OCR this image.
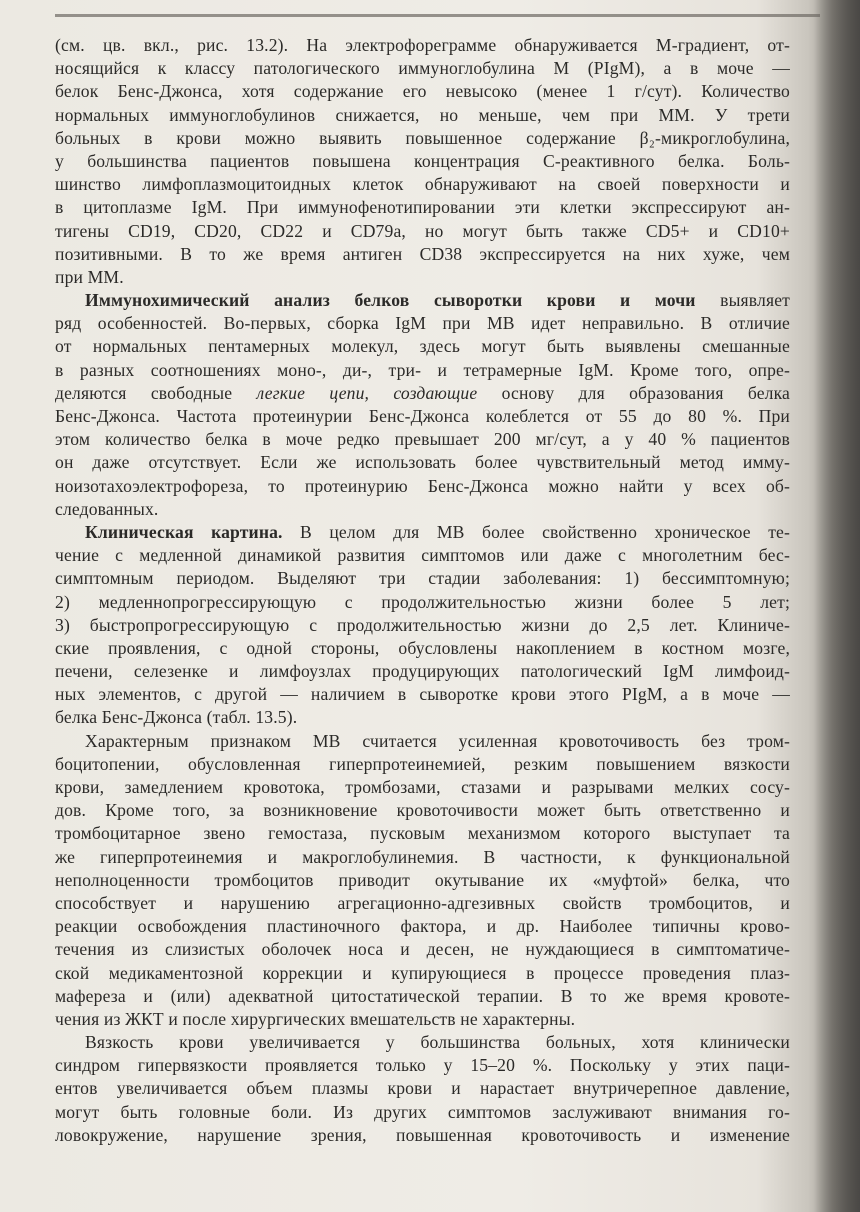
(см. цв. вкл., рис. 13.2). На электрофореграмме обнаруживается М-градиент, от-
носящийся к классу патологического иммуноглобулина М (PIgM), а в моче —
белок Бенс-Джонса, хотя содержание его невысоко (менее 1 г/сут). Количество
нормальных иммуноглобулинов снижается, но меньше, чем при ММ. У трети
больных в крови можно выявить повышенное содержание β₂-микроглобулина,
у большинства пациентов повышена концентрация С-реактивного белка. Боль-
шинство лимфоплазмоцитоидных клеток обнаруживают на своей поверхности и
в цитоплазме IgM. При иммунофенотипировании эти клетки экспрессируют ан-
тигены CD19, CD20, CD22 и CD79a, но могут быть также CD5+ и CD10+
позитивными. В то же время антиген CD38 экспрессируется на них хуже, чем
при ММ.
Иммунохимический анализ белков сыворотки крови и мочи выявляет
ряд особенностей. Во-первых, сборка IgM при МВ идет неправильно. В отличие
от нормальных пентамерных молекул, здесь могут быть выявлены смешанные
в разных соотношениях моно-, ди-, три- и тетрамерные IgM. Кроме того, опре-
деляются свободные легкие цепи, создающие основу для образования белка
Бенс-Джонса. Частота протеинурии Бенс-Джонса колеблется от 55 до 80 %. При
этом количество белка в моче редко превышает 200 мг/сут, а у 40 % пациентов
он даже отсутствует. Если же использовать более чувствительный метод имму-
ноизотахоэлектрофореза, то протеинурию Бенс-Джонса можно найти у всех об-
следованных.
Клиническая картина. В целом для МВ более свойственно хроническое те-
чение с медленной динамикой развития симптомов или даже с многолетним бес-
симптомным периодом. Выделяют три стадии заболевания: 1) бессимптомную;
2) медленнопрогрессирующую с продолжительностью жизни более 5 лет;
3) быстропрогрессирующую с продолжительностью жизни до 2,5 лет. Клиниче-
ские проявления, с одной стороны, обусловлены накоплением в костном мозге,
печени, селезенке и лимфоузлах продуцирующих патологический IgM лимфоид-
ных элементов, с другой — наличием в сыворотке крови этого PIgM, а в моче —
белка Бенс-Джонса (табл. 13.5).
Характерным признаком МВ считается усиленная кровоточивость без тром-
боцитопении, обусловленная гиперпротеинемией, резким повышением вязкости
крови, замедлением кровотока, тромбозами, стазами и разрывами мелких сосу-
дов. Кроме того, за возникновение кровоточивости может быть ответственно и
тромбоцитарное звено гемостаза, пусковым механизмом которого выступает та
же гиперпротеинемия и макроглобулинемия. В частности, к функциональной
неполноценности тромбоцитов приводит окутывание их «муфтой» белка, что
способствует и нарушению агрегационно-адгезивных свойств тромбоцитов, и
реакции освобождения пластиночного фактора, и др. Наиболее типичны крово-
течения из слизистых оболочек носа и десен, не нуждающиеся в симптоматиче-
ской медикаментозной коррекции и купирующиеся в процессе проведения плаз-
мафереза и (или) адекватной цитостатической терапии. В то же время кровоте-
чения из ЖКТ и после хирургических вмешательств не характерны.
Вязкость крови увеличивается у большинства больных, хотя клинически
синдром гипервязкости проявляется только у 15–20 %. Поскольку у этих паци-
ентов увеличивается объем плазмы крови и нарастает внутричерепное давление,
могут быть головные боли. Из других симптомов заслуживают внимания го-
ловокружение, нарушение зрения, повышенная кровоточивость и изменение
